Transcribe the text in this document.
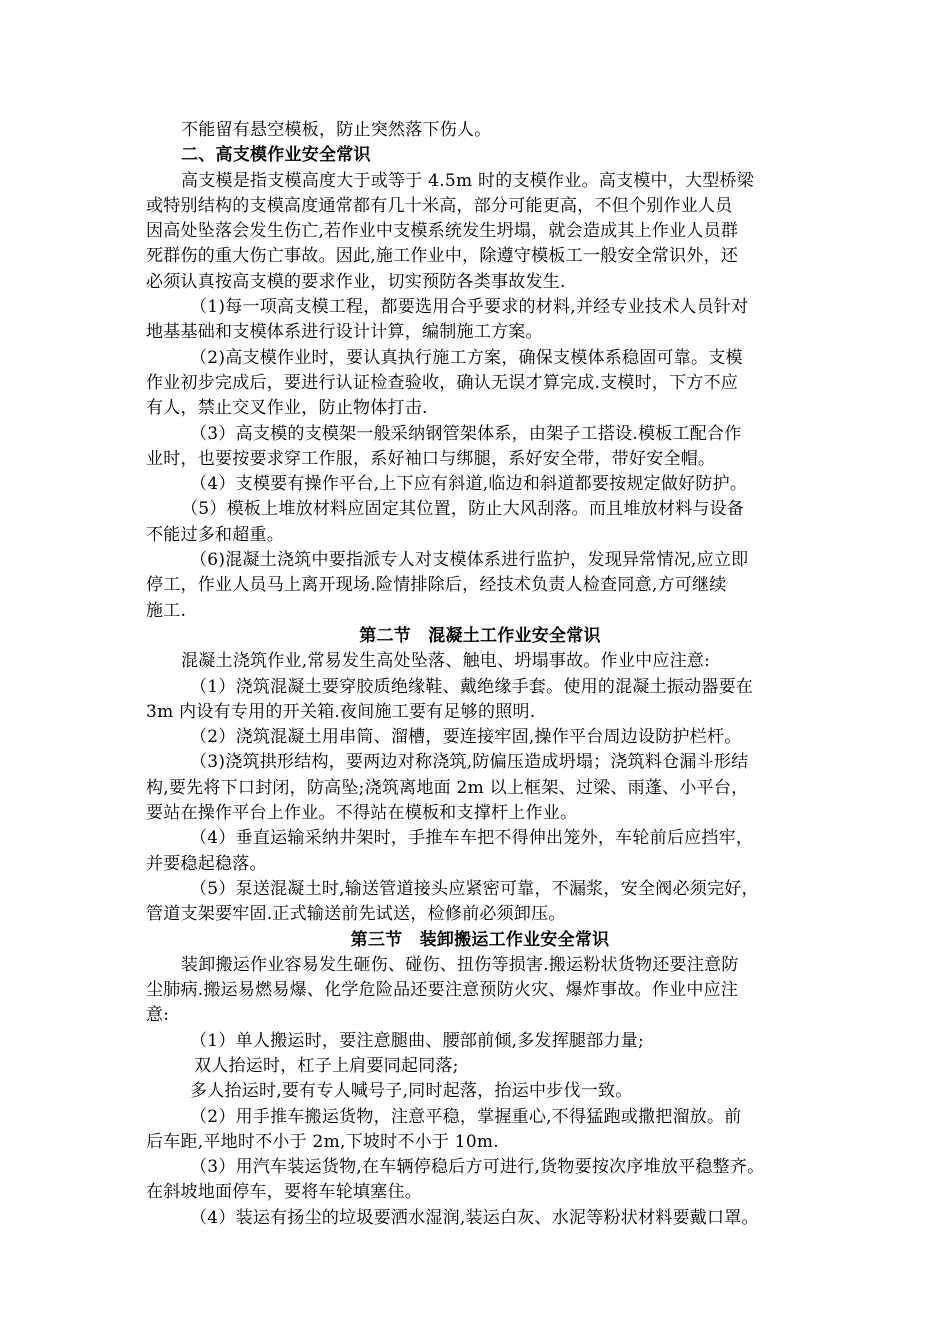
不能留有悬空模板，防止突然落下伤人。
二、高支模作业安全常识
高支模是指支模高度大于或等于 4.5m 时的支模作业。高支模中，大型桥梁
或特别结构的支模高度通常都有几十米高，部分可能更高，不但个别作业人员
因高处坠落会发生伤亡,若作业中支模系统发生坍塌，就会造成其上作业人员群
死群伤的重大伤亡事故。因此,施工作业中，除遵守模板工一般安全常识外，还
必须认真按高支模的要求作业，切实预防各类事故发生.
（1)每一项高支模工程，都要选用合乎要求的材料,并经专业技术人员针对
地基基础和支模体系进行设计计算，编制施工方案。
（2)高支模作业时，要认真执行施工方案，确保支模体系稳固可靠。支模
作业初步完成后，要进行认证检查验收，确认无误才算完成.支模时，下方不应
有人，禁止交叉作业，防止物体打击.
（3）高支模的支模架一般采纳钢管架体系，由架子工搭设.模板工配合作
业时，也要按要求穿工作服，系好袖口与绑腿，系好安全带，带好安全帽。
（4）支模要有操作平台,上下应有斜道,临边和斜道都要按规定做好防护。
（5）模板上堆放材料应固定其位置，防止大风刮落。而且堆放材料与设备
不能过多和超重。
（6)混凝土浇筑中要指派专人对支模体系进行监护，发现异常情况,应立即
停工，作业人员马上离开现场.险情排除后，经技术负责人检查同意,方可继续
施工.
第二节　混凝土工作业安全常识
混凝土浇筑作业,常易发生高处坠落、触电、坍塌事故。作业中应注意:
（1）浇筑混凝土要穿胶质绝缘鞋、戴绝缘手套。使用的混凝土振动器要在
3m 内设有专用的开关箱.夜间施工要有足够的照明.
（2）浇筑混凝土用串筒、溜槽，要连接牢固,操作平台周边设防护栏杆。
（3)浇筑拱形结构，要两边对称浇筑,防偏压造成坍塌；浇筑料仓漏斗形结
构,要先将下口封闭，防高坠;浇筑离地面 2m 以上框架、过梁、雨蓬、小平台，
要站在操作平台上作业。不得站在模板和支撑杆上作业。
（4）垂直运输采纳井架时，手推车车把不得伸出笼外，车轮前后应挡牢，
并要稳起稳落。
（5）泵送混凝土时,输送管道接头应紧密可靠，不漏浆，安全阀必须完好，
管道支架要牢固.正式输送前先试送，检修前必须卸压。
第三节　装卸搬运工作业安全常识
装卸搬运作业容易发生砸伤、碰伤、扭伤等损害.搬运粉状货物还要注意防
尘肺病.搬运易燃易爆、化学危险品还要注意预防火灾、爆炸事故。作业中应注
意:
（1）单人搬运时，要注意腿曲、腰部前倾,多发挥腿部力量;
双人抬运时，杠子上肩要同起同落;
多人抬运时,要有专人喊号子,同时起落，抬运中步伐一致。
（2）用手推车搬运货物，注意平稳，掌握重心,不得猛跑或撒把溜放。前
后车距,平地时不小于 2m,下坡时不小于 10m.
（3）用汽车装运货物,在车辆停稳后方可进行,货物要按次序堆放平稳整齐。
在斜坡地面停车，要将车轮填塞住。
（4）装运有扬尘的垃圾要洒水湿润,装运白灰、水泥等粉状材料要戴口罩。
